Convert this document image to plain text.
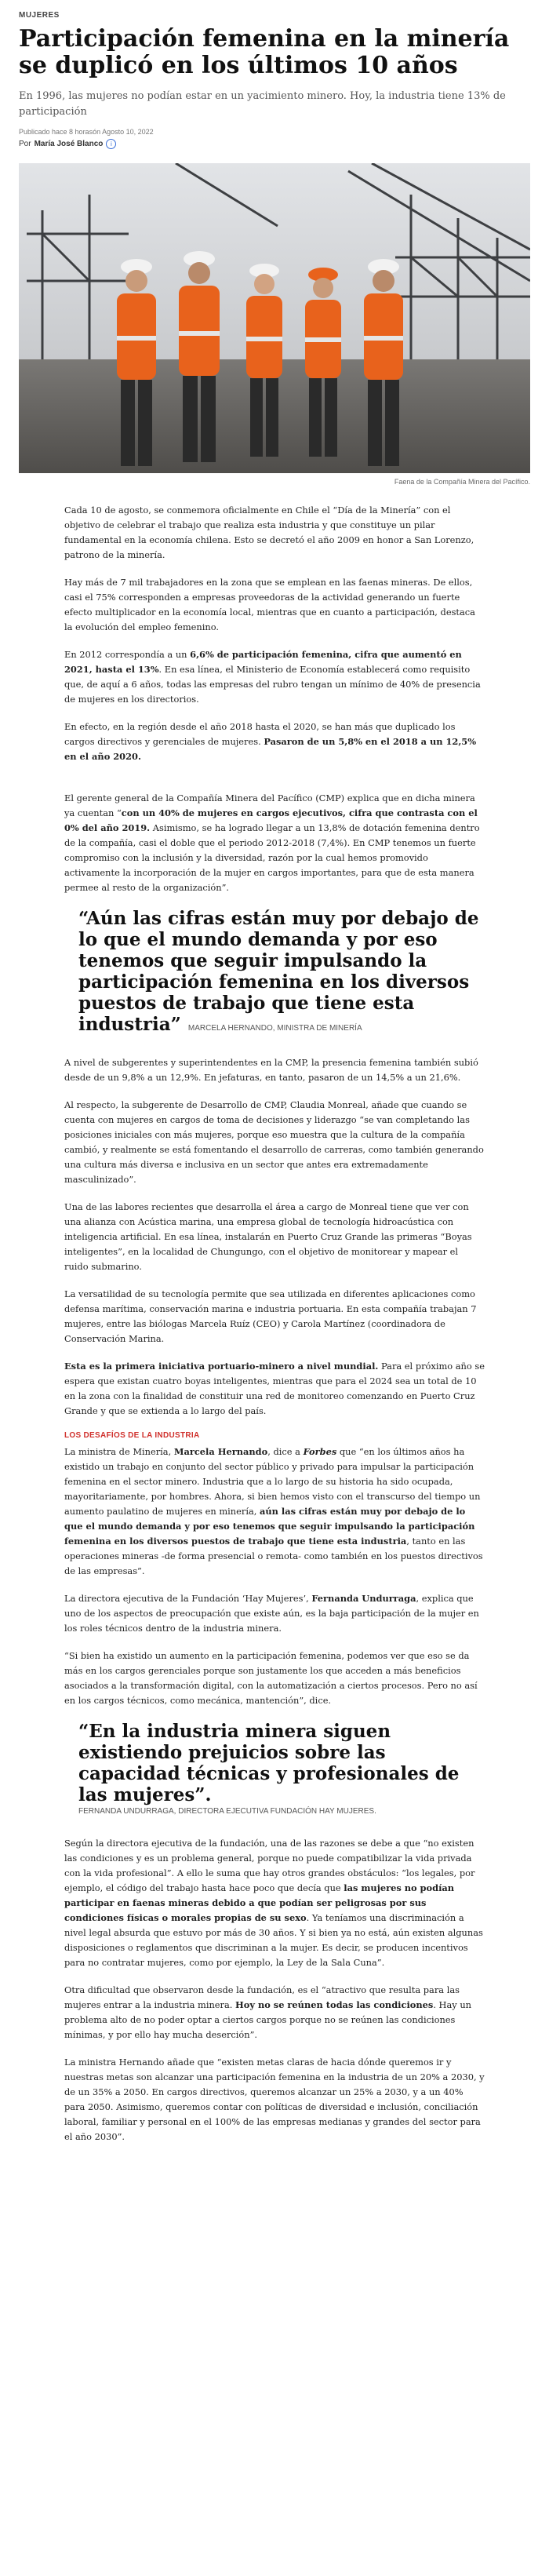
MUJERES
Participación femenina en la minería se duplicó en los últimos 10 años

En 1996, las mujeres no podían estar en un yacimiento minero. Hoy, la industria tiene 13% de participación

Publicado hace 8 horasón Agosto 10, 2022
Por María José Blanco	i
Faena de la Compañía Minera del Pacífico.

Cada 10 de agosto, se conmemora oficialmente en Chile el “Día de la Minería” con el objetivo de celebrar el trabajo que realiza esta industria y que constituye un pilar fundamental en la economía chilena. Esto se decretó el año 2009 en honor a San Lorenzo, patrono de la minería.

Hay más de 7 mil trabajadores en la zona que se emplean en las faenas mineras. De ellos, casi el 75% corresponden a empresas proveedoras de la actividad generando un fuerte efecto multiplicador en la economía local, mientras que en cuanto a participación, destaca la evolución del empleo femenino.

En 2012 correspondía a un 6,6% de participación femenina, cifra que aumentó en 2021, hasta el 13%. En esa línea, el Ministerio de Economía establecerá como requisito que, de aquí a 6 años, todas las empresas del rubro tengan un mínimo de 40% de presencia de mujeres en los directorios.

En efecto, en la región desde el año 2018 hasta el 2020, se han más que duplicado los cargos directivos y gerenciales de mujeres. Pasaron de un 5,8% en el 2018 a un 12,5% en el año 2020.

El gerente general de la Compañía Minera del Pacífico (CMP) explica que en dicha minera ya cuentan “con un 40% de mujeres en cargos ejecutivos, cifra que contrasta con el 0% del año 2019. Asimismo, se ha logrado llegar a un 13,8% de dotación femenina dentro de la compañía, casi el doble que el periodo 2012-2018 (7,4%). En CMP tenemos un fuerte compromiso con la inclusión y la diversidad, razón por la cual hemos promovido activamente la incorporación de la mujer en cargos importantes, para que de esta manera permee al resto de la organización”.

“Aún las cifras están muy por debajo de lo que el mundo demanda y por eso tenemos que seguir impulsando la participación femenina en los diversos puestos de trabajo que tiene esta industria” MARCELA HERNANDO, MINISTRA DE MINERÍA

A nivel de subgerentes y superintendentes en la CMP, la presencia femenina también subió desde de un 9,8% a un 12,9%. En jefaturas, en tanto, pasaron de un 14,5% a un 21,6%.

Al respecto, la subgerente de Desarrollo de CMP, Claudia Monreal, añade que cuando se cuenta con mujeres en cargos de toma de decisiones y liderazgo “se van completando las posiciones iniciales con más mujeres, porque eso muestra que la cultura de la compañía cambió, y realmente se está fomentando el desarrollo de carreras, como también generando una cultura más diversa e inclusiva en un sector que antes era extremadamente masculinizado”.

Una de las labores recientes que desarrolla el área a cargo de Monreal tiene que ver con una alianza con Acústica marina, una empresa global de tecnología hidroacústica con inteligencia artificial. En esa línea, instalarán en Puerto Cruz Grande las primeras “Boyas inteligentes”, en la localidad de Chungungo, con el objetivo de monitorear y mapear el ruido submarino.

La versatilidad de su tecnología permite que sea utilizada en diferentes aplicaciones como defensa marítima, conservación marina e industria portuaria. En esta compañía trabajan 7 mujeres, entre las biólogas Marcela Ruíz (CEO) y Carola Martínez (coordinadora de Conservación Marina.

Esta es la primera iniciativa portuario-minero a nivel mundial. Para el próximo año se espera que existan cuatro boyas inteligentes, mientras que para el 2024 sea un total de 10 en la zona con la finalidad de constituir una red de monitoreo comenzando en Puerto Cruz Grande y que se extienda a lo largo del país.

LOS DESAFÍOS DE LA INDUSTRIA

La ministra de Minería, Marcela Hernando, dice a Forbes que “en los últimos años ha existido un trabajo en conjunto del sector público y privado para impulsar la participación femenina en el sector minero. Industria que a lo largo de su historia ha sido ocupada, mayoritariamente, por hombres. Ahora, si bien hemos visto con el transcurso del tiempo un aumento paulatino de mujeres en minería, aún las cifras están muy por debajo de lo que el mundo demanda y por eso tenemos que seguir impulsando la participación femenina en los diversos puestos de trabajo que tiene esta industria, tanto en las operaciones mineras -de forma presencial o remota- como también en los puestos directivos de las empresas”.

La directora ejecutiva de la Fundación ‘Hay Mujeres’, Fernanda Undurraga, explica que uno de los aspectos de preocupación que existe aún, es la baja participación de la mujer en los roles técnicos dentro de la industria minera.

“Si bien ha existido un aumento en la participación femenina, podemos ver que eso se da más en los cargos gerenciales porque son justamente los que acceden a más beneficios asociados a la transformación digital, con la automatización a ciertos procesos. Pero no así en los cargos técnicos, como mecánica, mantención”, dice.

“En la industria minera siguen existiendo prejuicios sobre las capacidad técnicas y profesionales de las mujeres”.
FERNANDA UNDURRAGA, DIRECTORA EJECUTIVA FUNDACIÓN HAY MUJERES.

Según la directora ejecutiva de la fundación, una de las razones se debe a que “no existen las condiciones y es un problema general, porque no puede compatibilizar la vida privada con la vida profesional”. A ello le suma que hay otros grandes obstáculos: “los legales, por ejemplo, el código del trabajo hasta hace poco que decía que las mujeres no podían participar en faenas mineras debido a que podían ser peligrosas por sus condiciones físicas o morales propias de su sexo. Ya teníamos una discriminación a nivel legal absurda que estuvo por más de 30 años. Y si bien ya no está, aún existen algunas disposiciones o reglamentos que discriminan a la mujer. Es decir, se producen incentivos para no contratar mujeres, como por ejemplo, la Ley de la Sala Cuna”.

Otra dificultad que observaron desde la fundación, es el “atractivo que resulta para las mujeres entrar a la industria minera. Hoy no se reúnen todas las condiciones. Hay un problema alto de no poder optar a ciertos cargos porque no se reúnen las condiciones mínimas, y por ello hay mucha deserción”.

La ministra Hernando añade que “existen metas claras de hacia dónde queremos ir y nuestras metas son alcanzar una participación femenina en la industria de un 20% a 2030, y de un 35% a 2050. En cargos directivos, queremos alcanzar un 25% a 2030, y a un 40% para 2050. Asimismo, queremos contar con políticas de diversidad e inclusión, conciliación laboral, familiar y personal en el 100% de las empresas medianas y grandes del sector para el año 2030”.
